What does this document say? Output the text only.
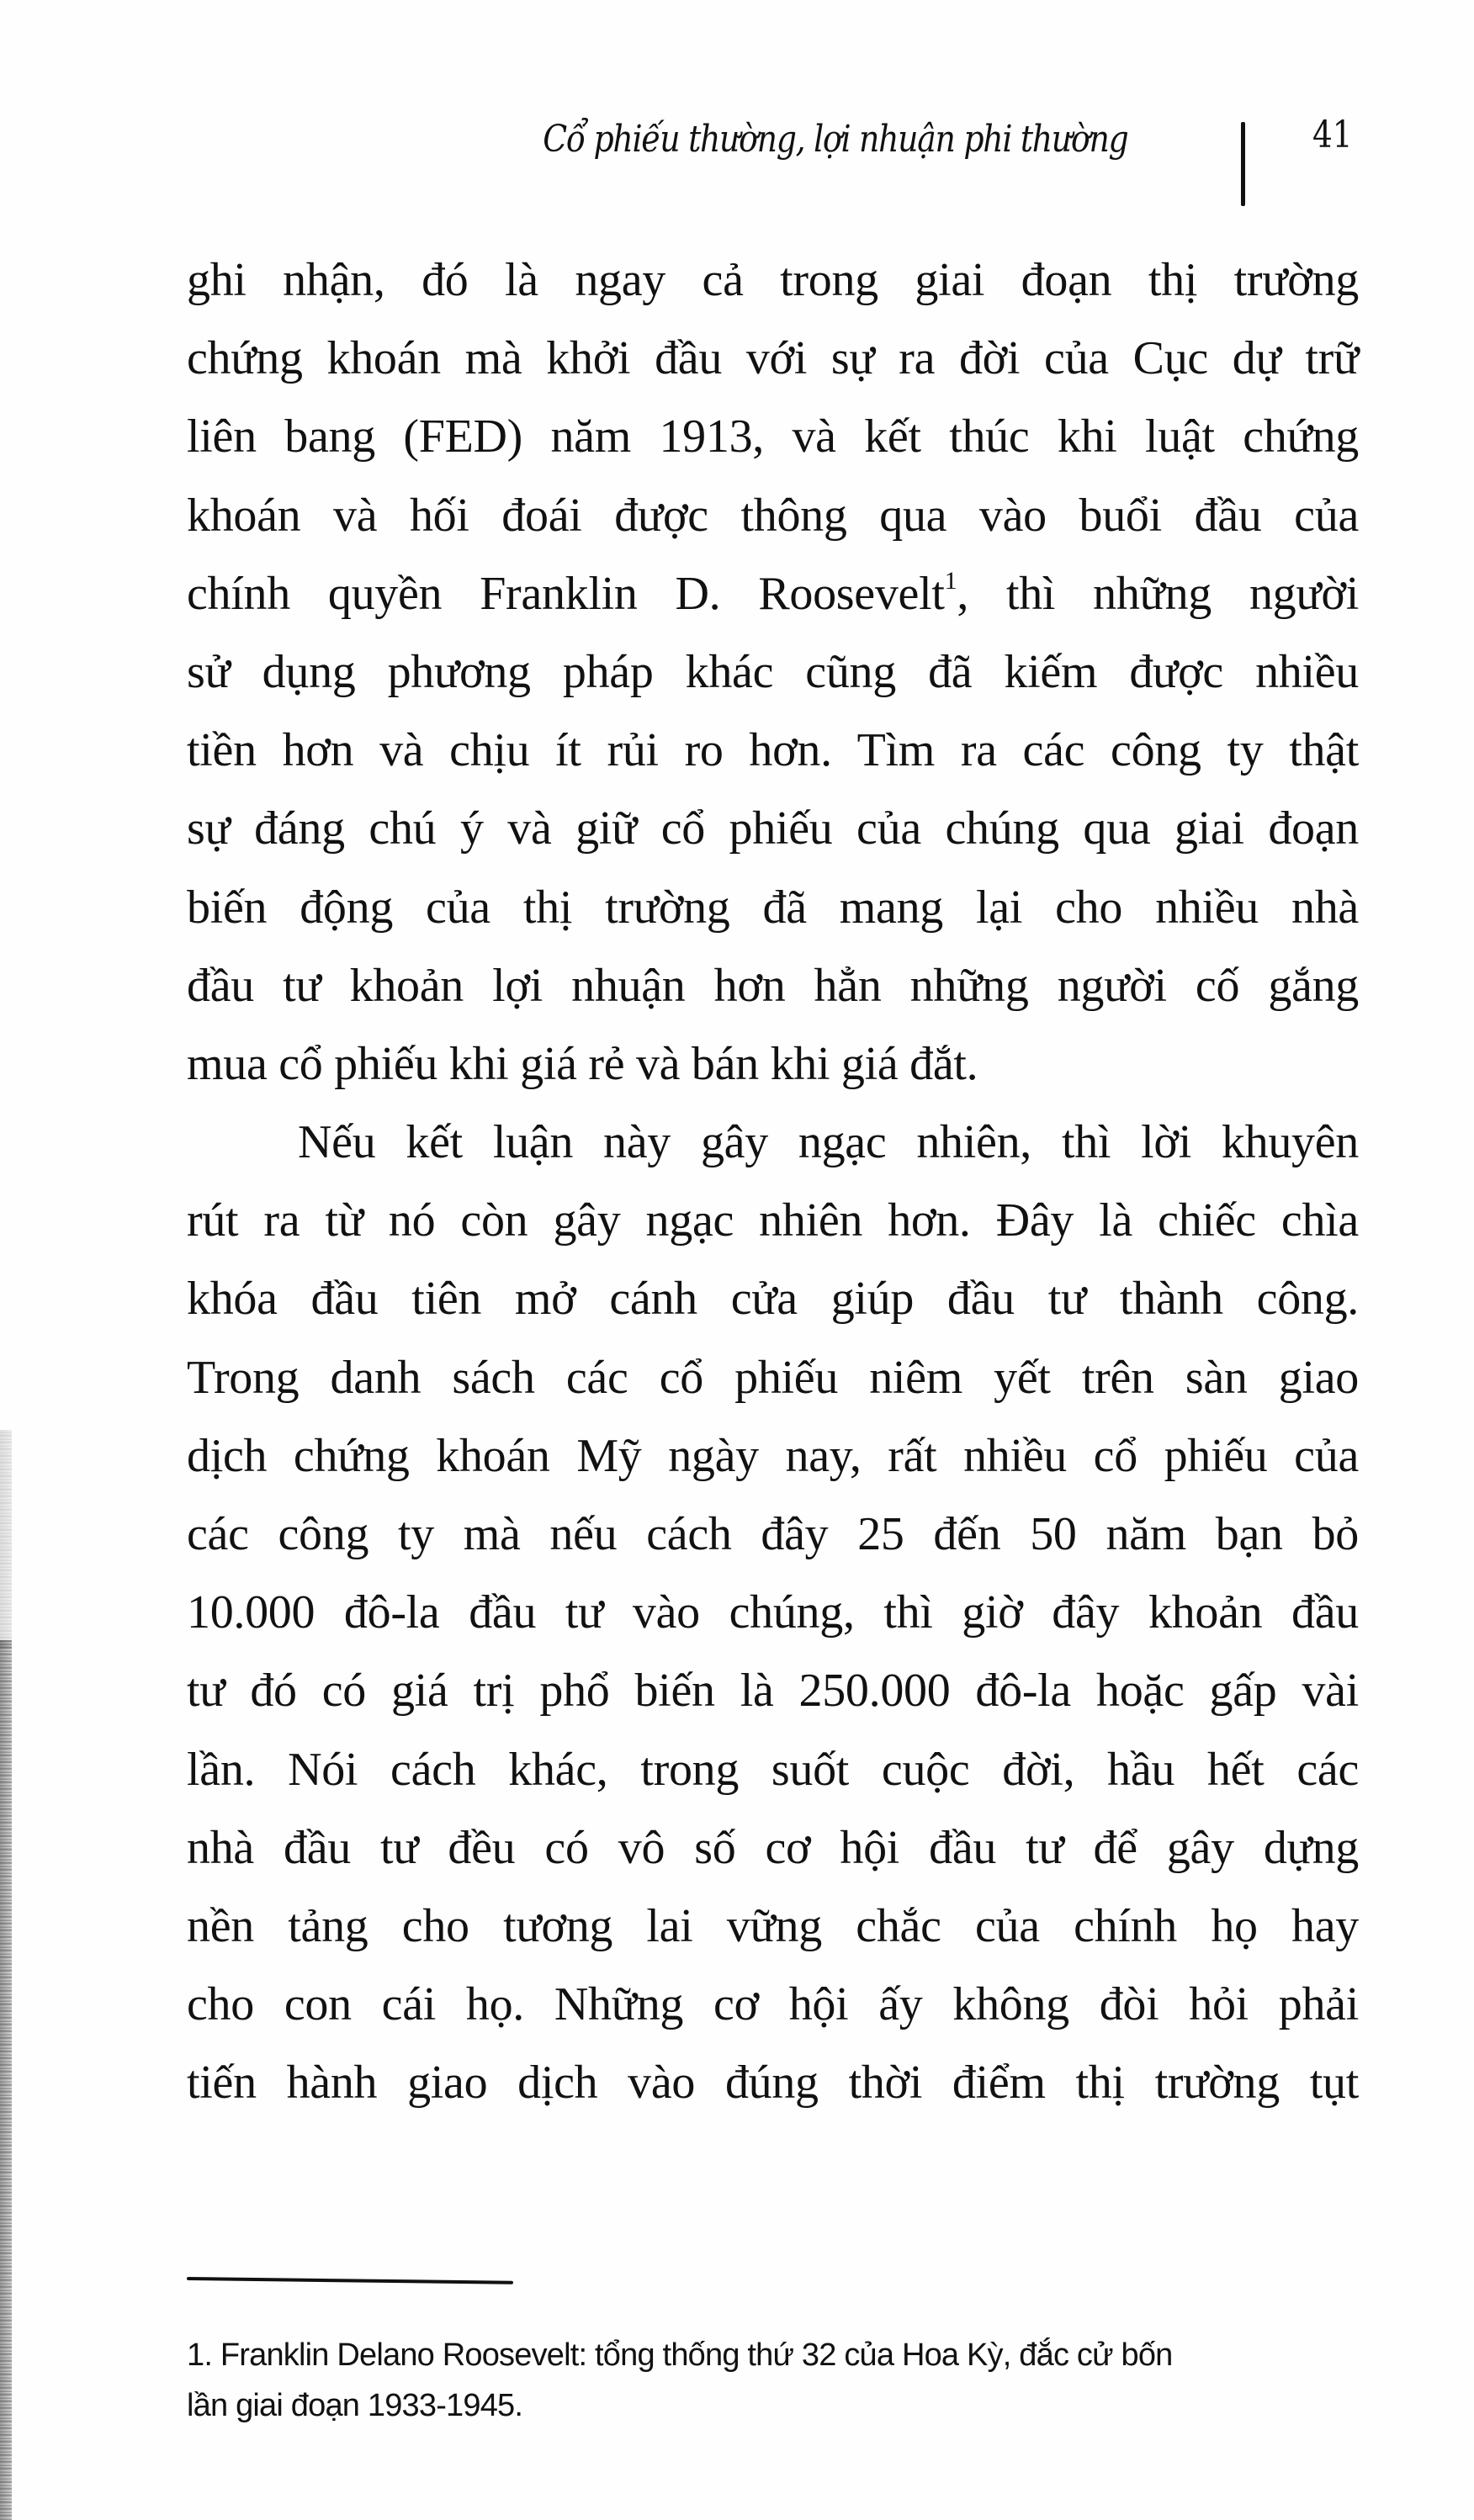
Cổ phiếu thường, lợi nhuận phi thường	41
ghi nhận, đó là ngay cả trong giai đoạn thị trường
chứng khoán mà khởi đầu với sự ra đời của Cục dự trữ
liên bang (FED) năm 1913, và kết thúc khi luật chứng
khoán và hối đoái được thông qua vào buổi đầu của
chính quyền Franklin D. Roosevelt$^1$, thì những người
sử dụng phương pháp khác cũng đã kiếm được nhiều
tiền hơn và chịu ít rủi ro hơn. Tìm ra các công ty thật
sự đáng chú ý và giữ cổ phiếu của chúng qua giai đoạn
biến động của thị trường đã mang lại cho nhiều nhà
đầu tư khoản lợi nhuận hơn hẳn những người cố gắng
mua cổ phiếu khi giá rẻ và bán khi giá đắt.
Nếu kết luận này gây ngạc nhiên, thì lời khuyên
rút ra từ nó còn gây ngạc nhiên hơn. Đây là chiếc chìa
khóa đầu tiên mở cánh cửa giúp đầu tư thành công.
Trong danh sách các cổ phiếu niêm yết trên sàn giao
dịch chứng khoán Mỹ ngày nay, rất nhiều cổ phiếu của
các công ty mà nếu cách đây 25 đến 50 năm bạn bỏ
10.000 đô-la đầu tư vào chúng, thì giờ đây khoản đầu
tư đó có giá trị phổ biến là 250.000 đô-la hoặc gấp vài
lần. Nói cách khác, trong suốt cuộc đời, hầu hết các
nhà đầu tư đều có vô số cơ hội đầu tư để gây dựng
nền tảng cho tương lai vững chắc của chính họ hay
cho con cái họ. Những cơ hội ấy không đòi hỏi phải
tiến hành giao dịch vào đúng thời điểm thị trường tụt
1. Franklin Delano Roosevelt: tổng thống thứ 32 của Hoa Kỳ, đắc cử bốn
lần giai đoạn 1933-1945.
